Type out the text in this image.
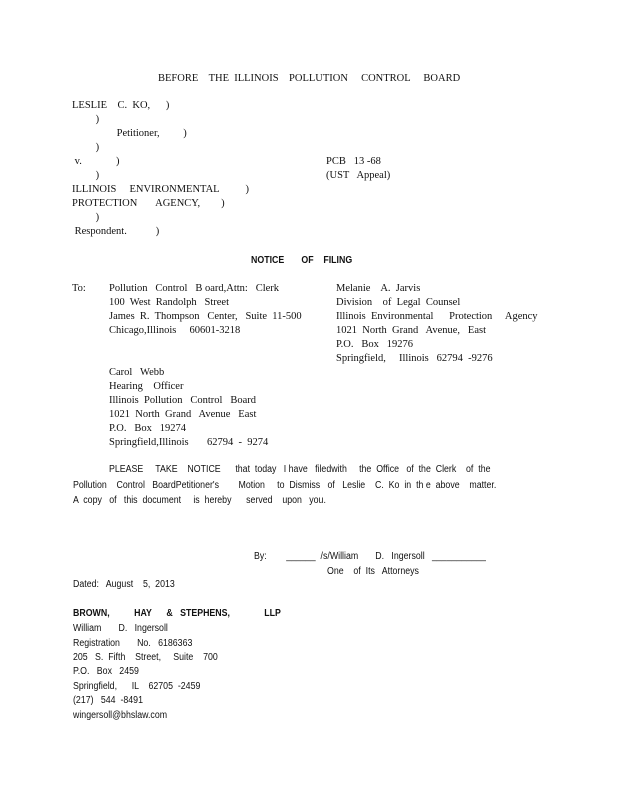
BEFORE    THE  ILLINOIS    POLLUTION     CONTROL     BOARD
LESLIE    C.  KO,      )
)
Petitioner,         )
)
v.             )
)
ILLINOIS     ENVIRONMENTAL          )
PROTECTION       AGENCY,        )
)
Respondent.           )
PCB   13 -68
(UST   Appeal)
NOTICE       OF    FILING
To: Pollution   Control   B oard,Attn:   Clerk
100  West  Randolph   Street
James  R.  Thompson   Center,   Suite  11-500
Chicago,Illinois     60601-3218
Melanie    A.  Jarvis
Division    of  Legal  Counsel
Illinois  Environmental      Protection     Agency
1021  North  Grand   Avenue,   East
P.O.   Box   19276
Springfield,     Illinois   62794  -9276
Carol   Webb
Hearing    Officer
Illinois  Pollution   Control   Board
1021  North  Grand   Avenue   East
P.O.   Box   19274
Springfield,Illinois       62794  -  9274
PLEASE     TAKE    NOTICE      that  today   I have   filedwith     the  Office   of  the  Clerk    of  the
Pollution    Control   BoardPetitioner's        Motion     to  Dismiss   of   Leslie    C.  Ko  in  th e  above    matter.
A  copy   of   this  document     is  hereby      served    upon   you.
By:        ______  /s/William       D.   Ingersoll   ___________
One    of  Its   Attorneys
Dated:   August    5,  2013
BROWN,          HAY      &   STEPHENS,              LLP
William       D.   Ingersoll
Registration       No.   6186363
205   S.  Fifth    Street,     Suite    700
P.O.   Box   2459
Springfield,      IL    62705  -2459
(217)   544  -8491
wingersoll@bhslaw.com
